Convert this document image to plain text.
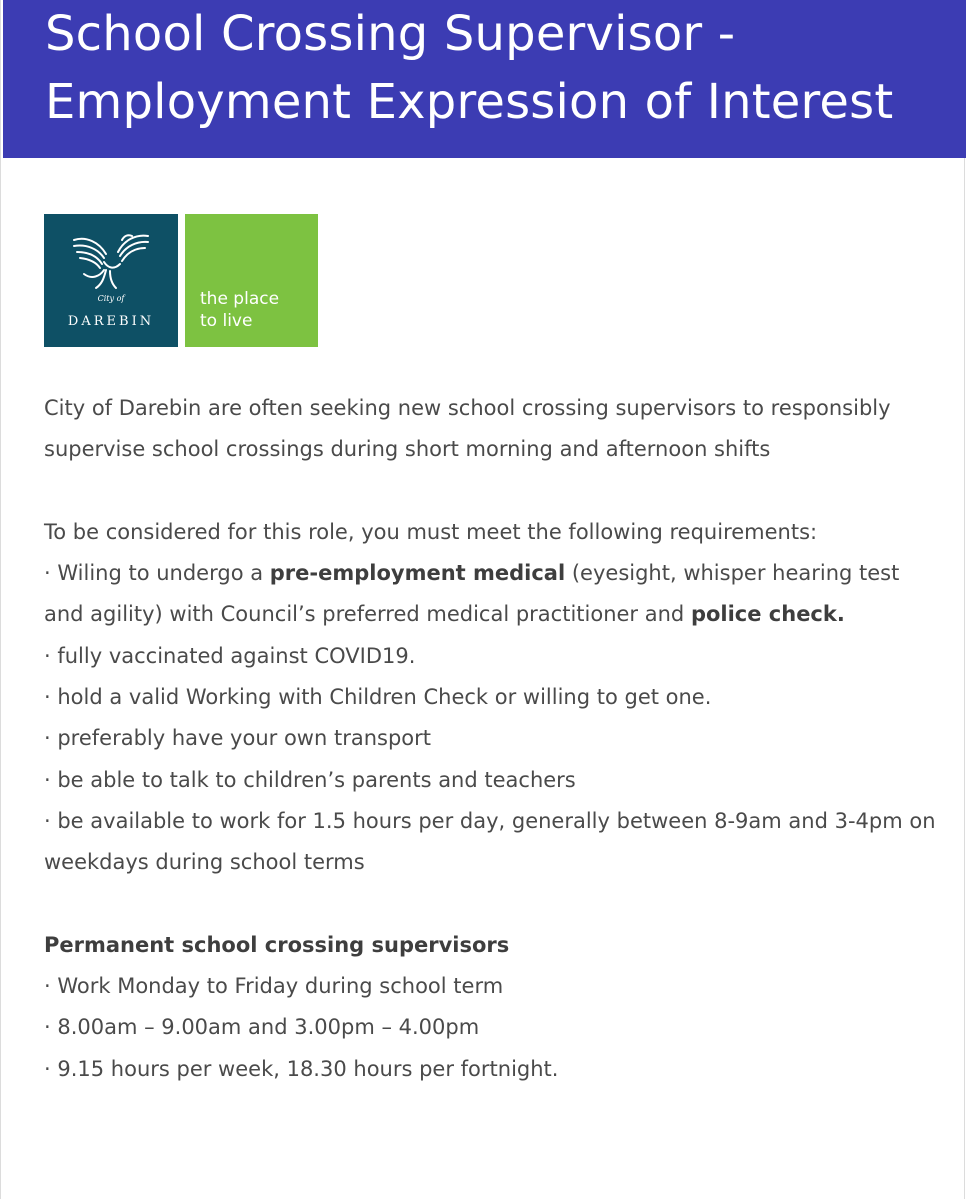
School Crossing Supervisor -
Employment Expression of Interest
City of
DAREBIN
the place
to live

City of Darebin are often seeking new school crossing supervisors to responsibly supervise school crossings during short morning and afternoon shifts

To be considered for this role, you must meet the following requirements:

· Wiling to undergo a pre-employment medical (eyesight, whisper hearing test and agility) with Council’s preferred medical practitioner and police check.

· fully vaccinated against COVID19.

· hold a valid Working with Children Check or willing to get one.

· preferably have your own transport

· be able to talk to children’s parents and teachers

· be available to work for 1.5 hours per day, generally between 8-9am and 3-4pm on weekdays during school terms

Permanent school crossing supervisors

· Work Monday to Friday during school term

· 8.00am – 9.00am and 3.00pm – 4.00pm

· 9.15 hours per week, 18.30 hours per fortnight.
